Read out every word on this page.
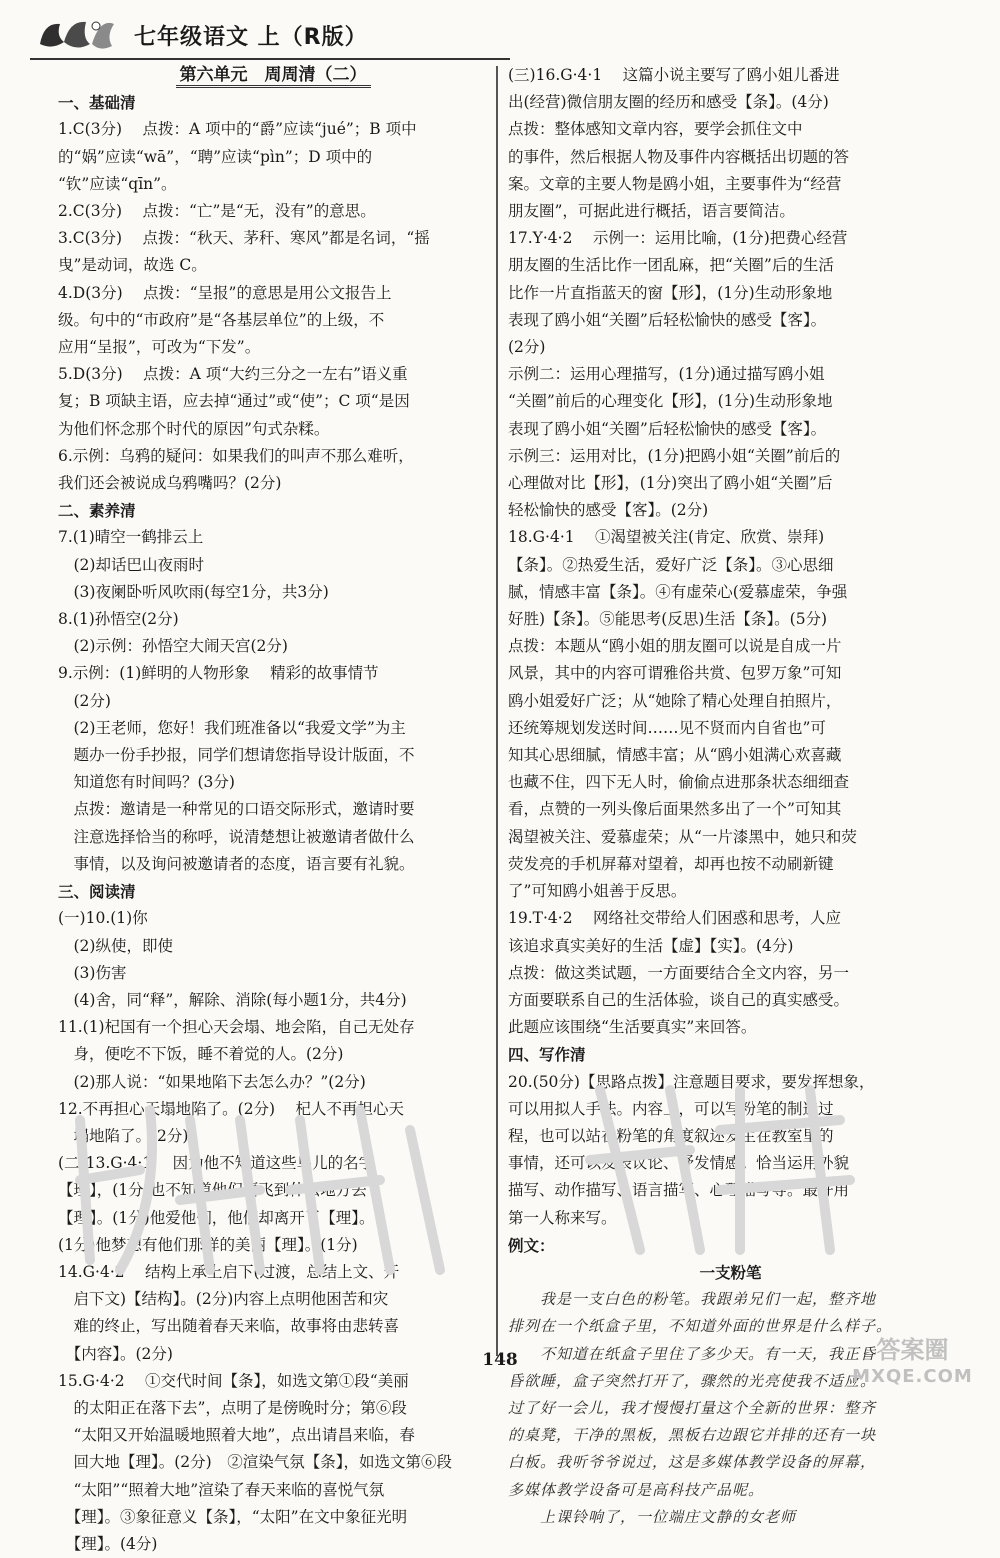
七年级语文 上（R版）
第六单元　周周清（二）
一、基础清
1.C(3分)　 点拨：A 项中的“爵”应读“jué”；B 项中
的“娲”应读“wā”，“聘”应读“pìn”；D 项中的
“钦”应读“qīn”。
2.C(3分)　 点拨：“亡”是“无，没有”的意思。
3.C(3分)　 点拨：“秋天、茅秆、寒风”都是名词，“摇
曳”是动词，故选 C。
4.D(3分)　 点拨：“呈报”的意思是用公文报告上
级。句中的“市政府”是“各基层单位”的上级，不
应用“呈报”，可改为“下发”。
5.D(3分)　 点拨：A 项“大约三分之一左右”语义重
复；B 项缺主语，应去掉“通过”或“使”；C 项“是因
为他们怀念那个时代的原因”句式杂糅。
6.示例：乌鸦的疑问：如果我们的叫声不那么难听，
我们还会被说成乌鸦嘴吗？(2分)
二、素养清
7.(1)晴空一鹤排云上
　(2)却话巴山夜雨时
　(3)夜阑卧听风吹雨(每空1分，共3分)
8.(1)孙悟空(2分)
　(2)示例：孙悟空大闹天宫(2分)
9.示例：(1)鲜明的人物形象　 精彩的故事情节
　(2分)
　(2)王老师，您好！我们班准备以“我爱文学”为主
　题办一份手抄报，同学们想请您指导设计版面，不
　知道您有时间吗？(3分)
　点拨：邀请是一种常见的口语交际形式，邀请时要
　注意选择恰当的称呼，说清楚想让被邀请者做什么
　事情，以及询问被邀请者的态度，语言要有礼貌。
三、阅读清
(一)10.(1)你
　(2)纵使，即使
　(3)伤害
　(4)舍，同“释”，解除、消除(每小题1分，共4分)
11.(1)杞国有一个担心天会塌、地会陷，自己无处存
　身，便吃不下饭，睡不着觉的人。(2分)
　(2)那人说：“如果地陷下去怎么办？”(2分)
12.不再担心天塌地陷了。(2分)　 杞人不再担心天
　塌地陷了。(2分)
(二)13.G·4·1　 因为他不知道这些鸟儿的名字
【理】，(1分)也不知道他们要飞到什么地方去
【理】。(1分)他爱他们，他们却离开了【理】。
(1分)他梦想有他们那样的美丽【理】。(1分)
14.G·4·2　 结构上承上启下(过渡，总结上文、开
　启下文)【结构】。(2分)内容上点明他困苦和灾
　难的终止，写出随着春天来临，故事将由悲转喜
　【内容】。(2分)
15.G·4·2　 ①交代时间【条】，如选文第①段“美丽
　的太阳正在落下去”，点明了是傍晚时分；第⑥段
　“太阳又开始温暖地照着大地”，点出请昌来临，春
　回大地【理】。(2分)　②渲染气氛【条】，如选文第⑥段
　“太阳”“照着大地”渲染了春天来临的喜悦气氛
　【理】。③象征意义【条】，“太阳”在文中象征光明
　【理】。(4分)
(三)16.G·4·1　 这篇小说主要写了鸥小姐儿番进
出(经营)微信朋友圈的经历和感受【条】。(4分)
点拨：整体感知文章内容，要学会抓住文中
的事件，然后根据人物及事件内容概括出切题的答
案。文章的主要人物是鸥小姐，主要事件为“经营
朋友圈”，可据此进行概括，语言要简洁。
17.Y·4·2　 示例一：运用比喻，(1分)把费心经营
朋友圈的生活比作一团乱麻，把“关圈”后的生活
比作一片直指蓝天的窗【形】，(1分)生动形象地
表现了鸥小姐“关圈”后轻松愉快的感受【客】。
(2分)
示例二：运用心理描写，(1分)通过描写鸥小姐
“关圈”前后的心理变化【形】，(1分)生动形象地
表现了鸥小姐“关圈”后轻松愉快的感受【客】。
示例三：运用对比，(1分)把鸥小姐“关圈”前后的
心理做对比【形】，(1分)突出了鸥小姐“关圈”后
轻松愉快的感受【客】。(2分)
18.G·4·1　 ①渴望被关注(肯定、欣赏、崇拜)
【条】。②热爱生活，爱好广泛【条】。③心思细
腻，情感丰富【条】。④有虚荣心(爱慕虚荣，争强
好胜)【条】。⑤能思考(反思)生活【条】。(5分)
点拨：本题从“鸥小姐的朋友圈可以说是自成一片
风景，其中的内容可谓雅俗共赏、包罗万象”可知
鸥小姐爱好广泛；从“她除了精心处理自拍照片，
还统筹规划发送时间……见不贤而内自省也”可
知其心思细腻，情感丰富；从“鸥小姐满心欢喜藏
也藏不住，四下无人时，偷偷点进那条状态细细查
看，点赞的一列头像后面果然多出了一个”可知其
渴望被关注、爱慕虚荣；从“一片漆黑中，她只和荧
荧发亮的手机屏幕对望着，却再也按不动刷新键
了”可知鸥小姐善于反思。
19.T·4·2　 网络社交带给人们困惑和思考，人应
该追求真实美好的生活【虚】【实】。(4分)
点拨：做这类试题，一方面要结合全文内容，另一
方面要联系自己的生活体验，谈自己的真实感受。
此题应该围绕“生活要真实”来回答。
四、写作清
20.(50分)【思路点拨】注意题目要求，要发挥想象，
可以用拟人手法。内容上，可以写粉笔的制造过
程，也可以站在粉笔的角度叙述发生在教室里的
事情，还可以发表议论、抒发情感。恰当运用外貌
描写、动作描写、语言描写、心理描写等。最好用
第一人称来写。
例文：
一支粉笔
　　我是一支白色的粉笔。我跟弟兄们一起，整齐地
排列在一个纸盒子里，不知道外面的世界是什么样子。
　　不知道在纸盒子里住了多少天。有一天，我正昏
昏欲睡，盒子突然打开了，骤然的光亮使我不适应。
过了好一会儿，我才慢慢打量这个全新的世界：整齐
的桌凳，干净的黑板，黑板右边跟它并排的还有一块
白板。我听爷爷说过，这是多媒体教学设备的屏幕，
多媒体教学设备可是高科技产品呢。
　　上课铃响了，一位端庄文静的女老师
答案圈
MXQE.COM
148
